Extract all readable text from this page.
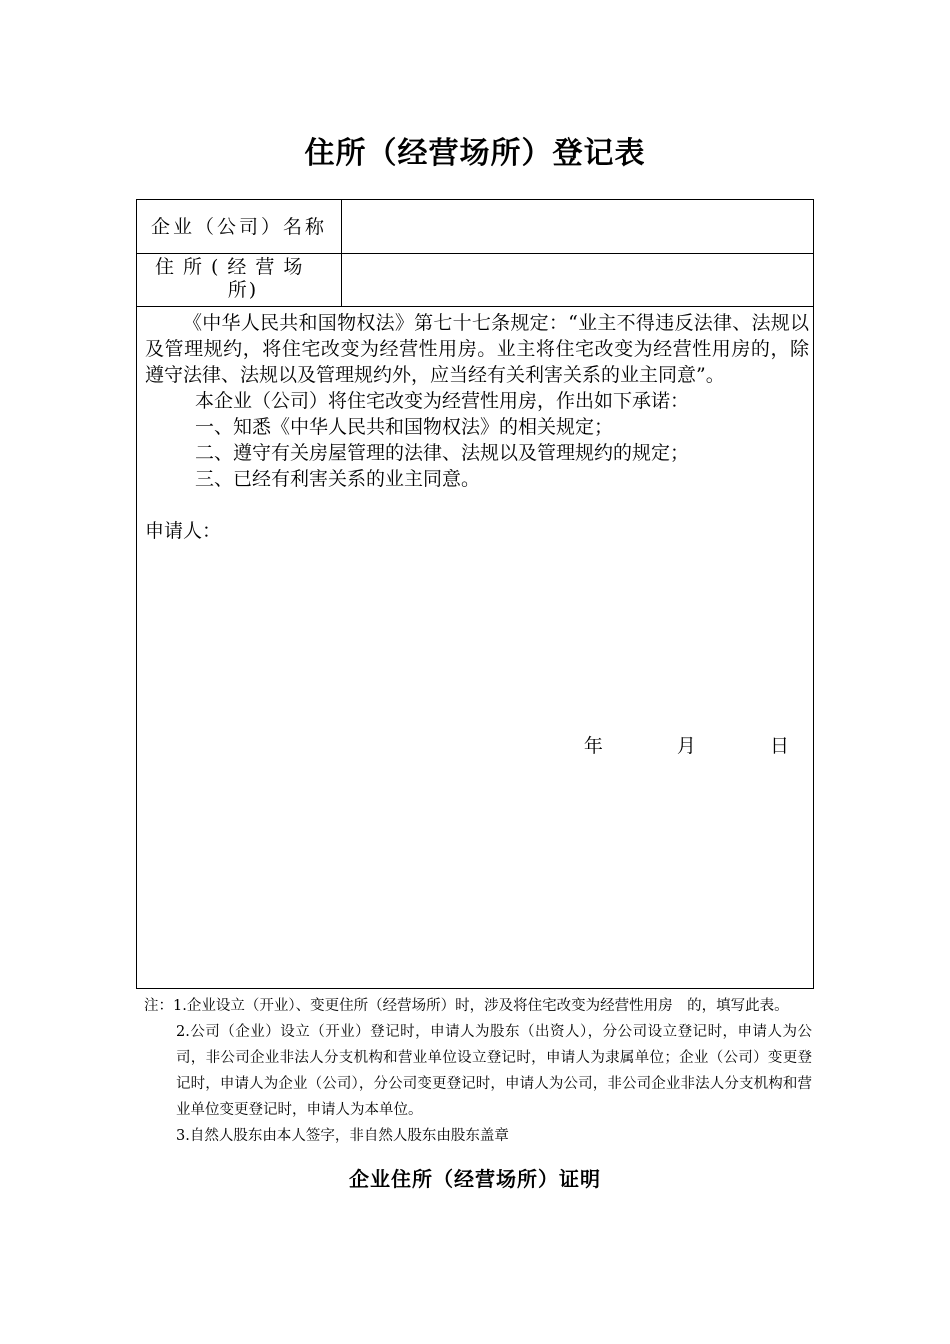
住所（经营场所）登记表
企业（公司）名称
住所(经营场
所)

《中华人民共和国物权法》第七十七条规定：“业主不得违反法律、法规以及管理规约，将住宅改变为经营性用房。业主将住宅改变为经营性用房的，除遵守法律、法规以及管理规约外，应当经有关利害关系的业主同意”。

本企业（公司）将住宅改变为经营性用房，作出如下承诺：

一、知悉《中华人民共和国物权法》的相关规定；

二、遵守有关房屋管理的法律、法规以及管理规约的规定；

三、已经有利害关系的业主同意。

申请人：

年	月	日

注：1.企业设立（开业）、变更住所（经营场所）时，涉及将住宅改变为经营性用房　的，填写此表。

2.公司（企业）设立（开业）登记时，申请人为股东（出资人），分公司设立登记时，申请人为公司，非公司企业非法人分支机构和营业单位设立登记时，申请人为隶属单位；企业（公司）变更登记时，申请人为企业（公司），分公司变更登记时，申请人为公司，非公司企业非法人分支机构和营业单位变更登记时，申请人为本单位。

3.自然人股东由本人签字，非自然人股东由股东盖章

企业住所（经营场所）证明
